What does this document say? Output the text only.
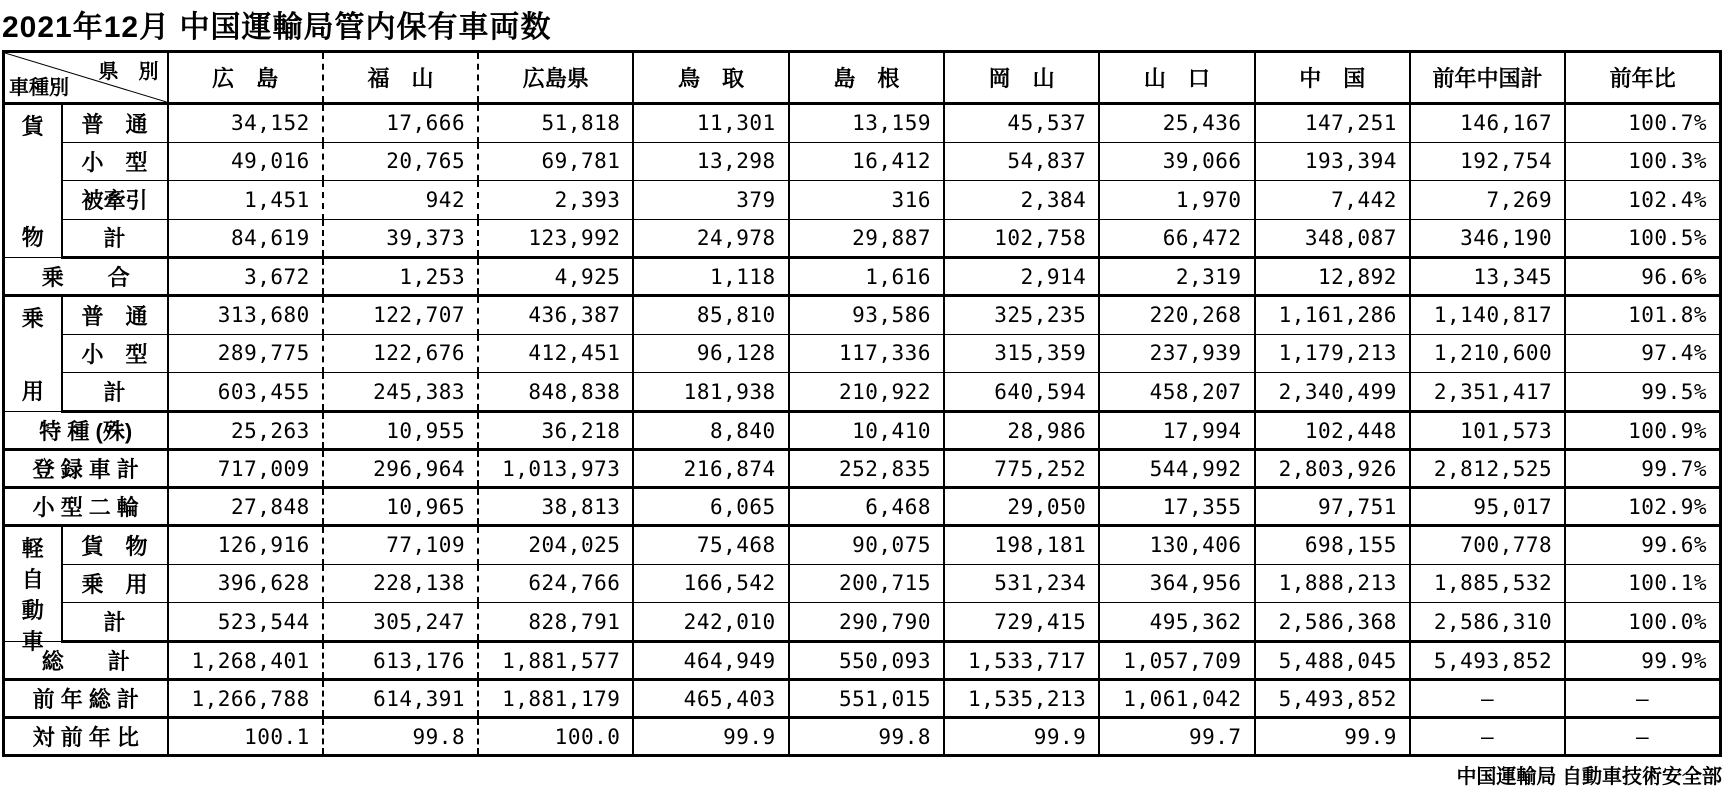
2021年12月 中国運輸局管内保有車両数
県　別
車種別		広　島	福　山	広島県	鳥　取	島　根	岡　山	山　口	中　国	前年中国計	前年比

貨
物	普　通	34,152	17,666	51,818	11,301	13,159	45,537	25,436	147,251	146,167	100.7%
	小　型	49,016	20,765	69,781	13,298	16,412	54,837	39,066	193,394	192,754	100.3%
	被牽引	1,451	942	2,393	379	316	2,384	1,970	7,442	7,269	102.4%
	計	84,619	39,373	123,992	24,978	29,887	102,758	66,472	348,087	346,190	100.5%
乗　　合		3,672	1,253	4,925	1,118	1,616	2,914	2,319	12,892	13,345	96.6%

乗
用	普　通	313,680	122,707	436,387	85,810	93,586	325,235	220,268	1,161,286	1,140,817	101.8%
	小　型	289,775	122,676	412,451	96,128	117,336	315,359	237,939	1,179,213	1,210,600	97.4%
	計	603,455	245,383	848,838	181,938	210,922	640,594	458,207	2,340,499	2,351,417	99.5%
特 種 (殊)		25,263	10,955	36,218	8,840	10,410	28,986	17,994	102,448	101,573	100.9%
登 録 車 計		717,009	296,964	1,013,973	216,874	252,835	775,252	544,992	2,803,926	2,812,525	99.7%
小 型 二 輪		27,848	10,965	38,813	6,065	6,468	29,050	17,355	97,751	95,017	102.9%

軽
自
動
車	貨　物	126,916	77,109	204,025	75,468	90,075	198,181	130,406	698,155	700,778	99.6%
	乗　用	396,628	228,138	624,766	166,542	200,715	531,234	364,956	1,888,213	1,885,532	100.1%
	計	523,544	305,247	828,791	242,010	290,790	729,415	495,362	2,586,368	2,586,310	100.0%
総　　計		1,268,401	613,176	1,881,577	464,949	550,093	1,533,717	1,057,709	5,488,045	5,493,852	99.9%
前 年 総 計		1,266,788	614,391	1,881,179	465,403	551,015	1,535,213	1,061,042	5,493,852	—	—
対 前 年 比		100.1	99.8	100.0	99.9	99.8	99.9	99.7	99.9	—	—
中国運輸局 自動車技術安全部
